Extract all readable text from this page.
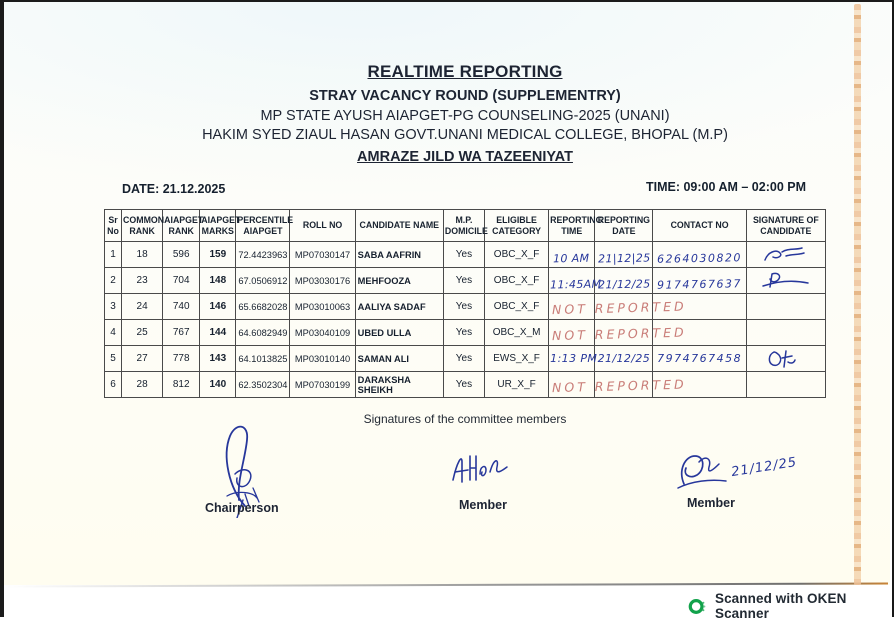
REALTIME REPORTING
STRAY VACANCY ROUND (SUPPLEMENTRY)
MP STATE AYUSH AIAPGET-PG COUNSELING-2025 (UNANI)
HAKIM SYED ZIAUL HASAN GOVT.UNANI MEDICAL COLLEGE, BHOPAL (M.P)
AMRAZE JILD WA TAZEENIYAT
DATE: 21.12.2025	TIME: 09:00 AM – 02:00 PM
Sr No	COMMON RANK	AIAPGET RANK	AIAPGET MARKS	PERCENTILE AIAPGET	ROLL NO	CANDIDATE NAME	M.P. DOMICILE	ELIGIBLE CATEGORY	REPORTING TIME	REPORTING DATE	CONTACT NO	SIGNATURE OF CANDIDATE
1	18	596	159	72.4423963	MP07030147	SABA AAFRIN	Yes	OBC_X_F	10 AM	21|12|25	6264030820	

2	23	704	148	67.0506912	MP03030176	MEHFOOZA	Yes	OBC_X_F	11:45AM	21/12/25	9174767637	

3	24	740	146	65.6682028	MP03010063	AALIYA SADAF	Yes	OBC_X_F	NOT REPORTED			

4	25	767	144	64.6082949	MP03040109	UBED ULLA	Yes	OBC_X_M	NOT REPORTED			

5	27	778	143	64.1013825	MP03010140	SAMAN ALI	Yes	EWS_X_F	1:13 PM	21/12/25	7974767458	

6	28	812	140	62.3502304	MP07030199	DARAKSHA SHEIKH	Yes	UR_X_F	NOT REPORTED			

Signatures of the committee members
Chairperson	Member
21/12/25
Member
Scanned with OKEN Scanner
